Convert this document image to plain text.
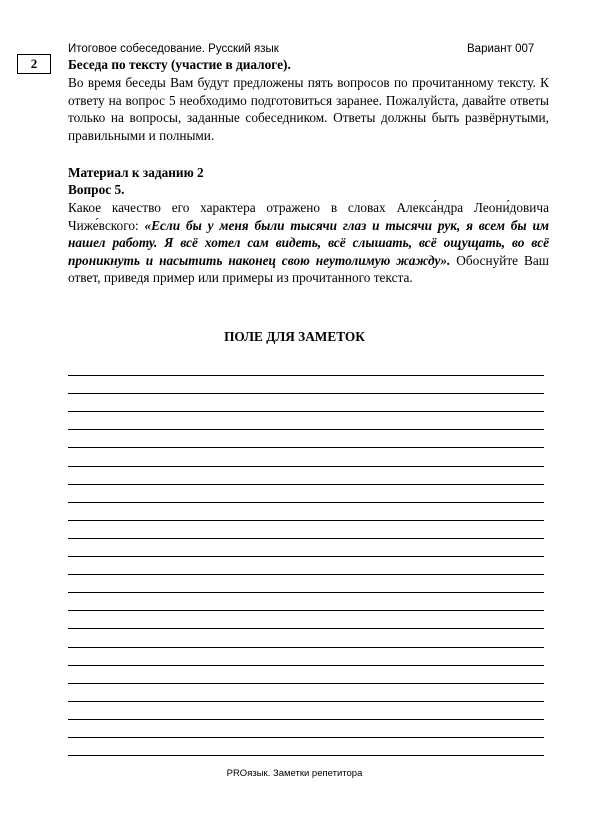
Итоговое собеседование. Русский язык	Вариант 007
2	Беседа по тексту (участие в диалоге).
Во время беседы Вам будут предложены пять вопросов по прочитанному тексту. К ответу на вопрос 5 необходимо подготовиться заранее. Пожалуйста, давайте ответы только на вопросы, заданные собеседником. Ответы должны быть развёрнутыми, правильными и полными.
Материал к заданию 2
Вопрос 5.
Какое качество его характера отражено в словах Алекса́ндра Леони́довича Чиже́вского: «Если бы у меня были тысячи глаз и тысячи рук, я всем бы им нашел работу. Я всё хотел сам видеть, всё слышать, всё ощущать, во всё проникнуть и насытить наконец свою неутолимую жажду». Обоснуйте Ваш ответ, приведя пример или примеры из прочитанного текста.
ПОЛЕ ДЛЯ ЗАМЕТОК
PROязык. Заметки репетитора
